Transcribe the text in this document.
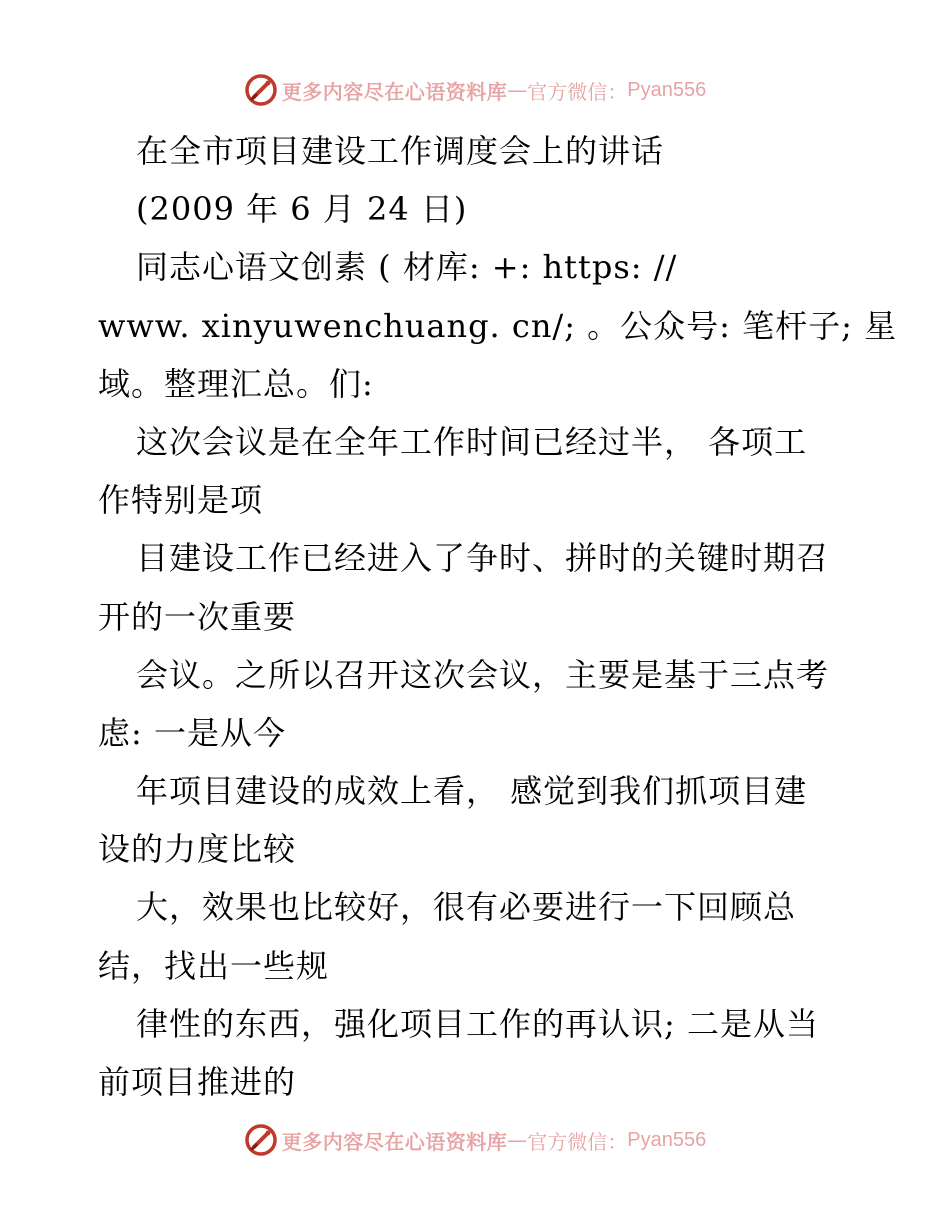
更多内容尽在心语资料库 — 官方微信： Pyan556
在全市项目建设工作调度会上的讲话
(2009 年 6 月 24 日)
同志心语文创素 ( 材库: +: https: //
www. xinyuwenchuang. cn/; 。公众号: 笔杆子; 星
域。整理汇总。们:
这次会议是在全年工作时间已经过半， 各项工
作特别是项
目建设工作已经进入了争时、拼时的关键时期召
开的一次重要
会议。之所以召开这次会议，主要是基于三点考
虑: 一是从今
年项目建设的成效上看， 感觉到我们抓项目建
设的力度比较
大，效果也比较好，很有必要进行一下回顾总
结，找出一些规
律性的东西，强化项目工作的再认识; 二是从当
前项目推进的
更多内容尽在心语资料库 — 官方微信： Pyan556
